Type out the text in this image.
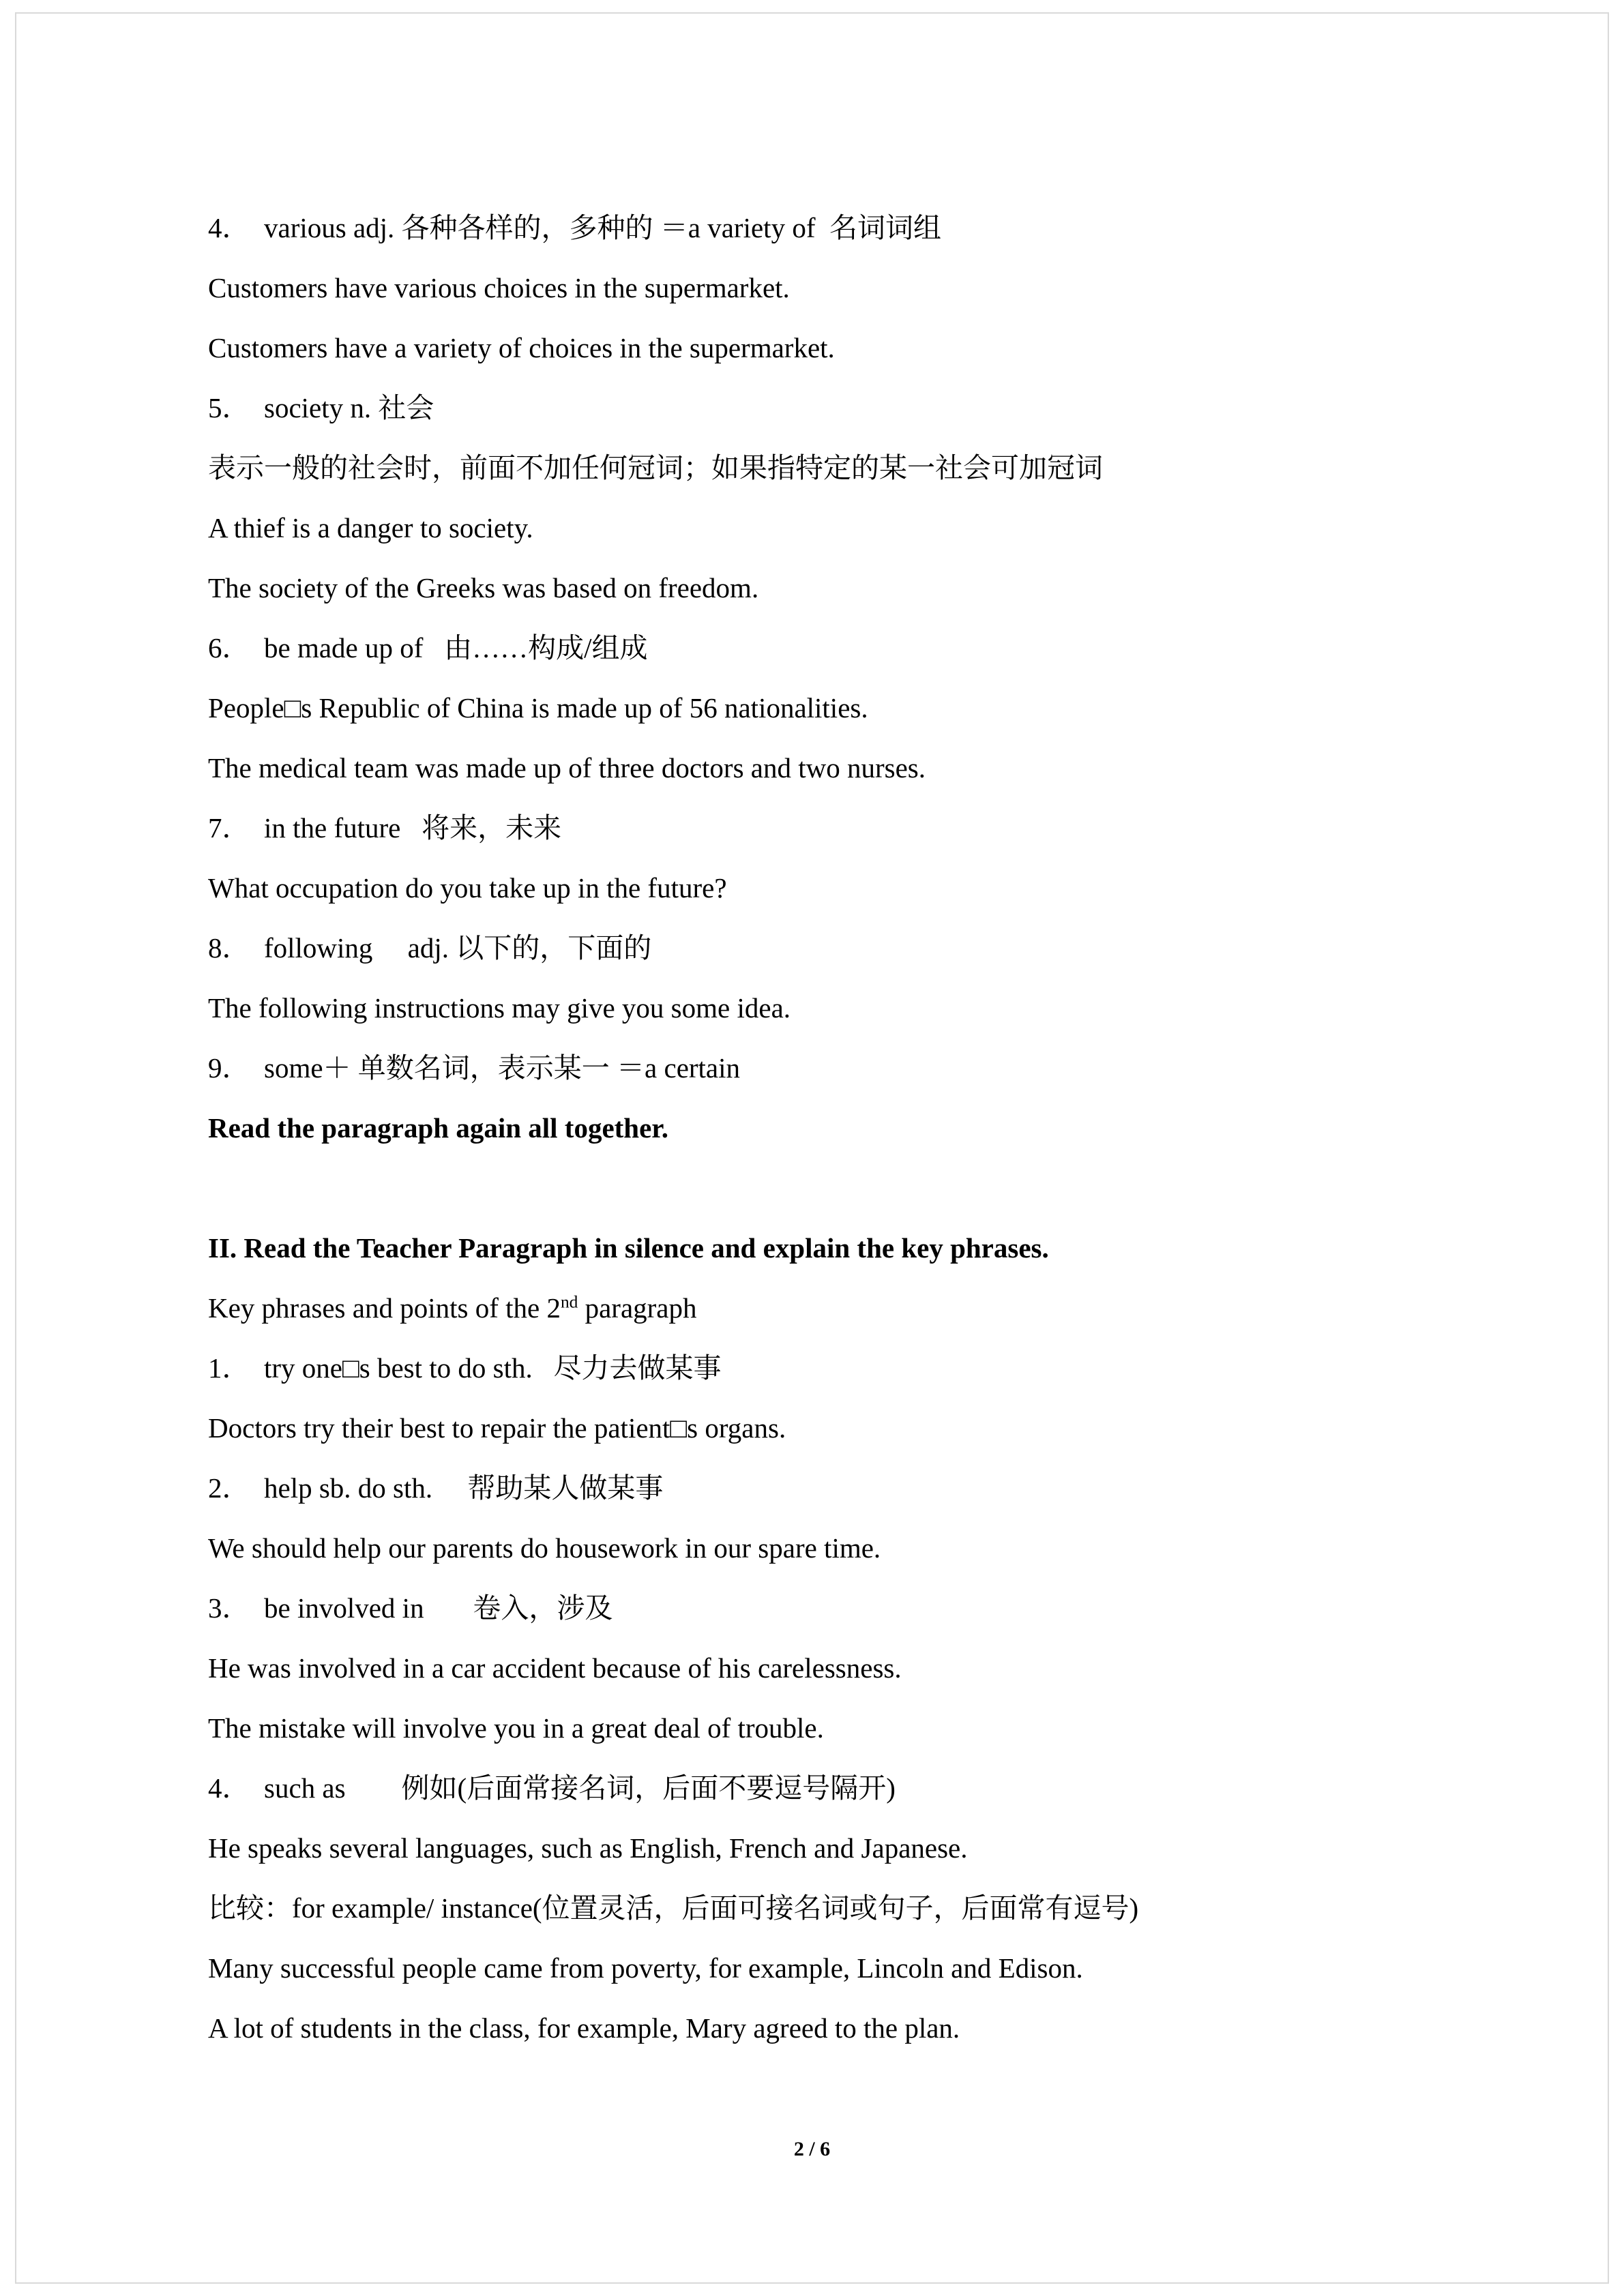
4．  various adj. 各种各样的，多种的 ＝a variety of  名词词组
Customers have various choices in the supermarket.
Customers have a variety of choices in the supermarket.
5．  society n. 社会
表示一般的社会时，前面不加任何冠词；如果指特定的某一社会可加冠词
A thief is a danger to society.
The society of the Greeks was based on freedom.
6．  be made up of   由……构成/组成
People□s Republic of China is made up of 56 nationalities.
The medical team was made up of three doctors and two nurses.
7．  in the future   将来，未来
What occupation do you take up in the future?
8．  following     adj. 以下的，下面的
The following instructions may give you some idea.
9．  some＋ 单数名词，表示某一 ＝a certain
Read the paragraph again all together.
II. Read the Teacher Paragraph in silence and explain the key phrases.
Key phrases and points of the 2nd paragraph
1．  try one□s best to do sth.   尽力去做某事
Doctors try their best to repair the patient□s organs.
2．  help sb. do sth.     帮助某人做某事
We should help our parents do housework in our spare time.
3．  be involved in       卷入，涉及
He was involved in a car accident because of his carelessness.
The mistake will involve you in a great deal of trouble.
4．  such as        例如(后面常接名词，后面不要逗号隔开)
He speaks several languages, such as English, French and Japanese.
比较：for example/ instance(位置灵活，后面可接名词或句子，后面常有逗号)
Many successful people came from poverty, for example, Lincoln and Edison.
A lot of students in the class, for example, Mary agreed to the plan.
2 / 6
